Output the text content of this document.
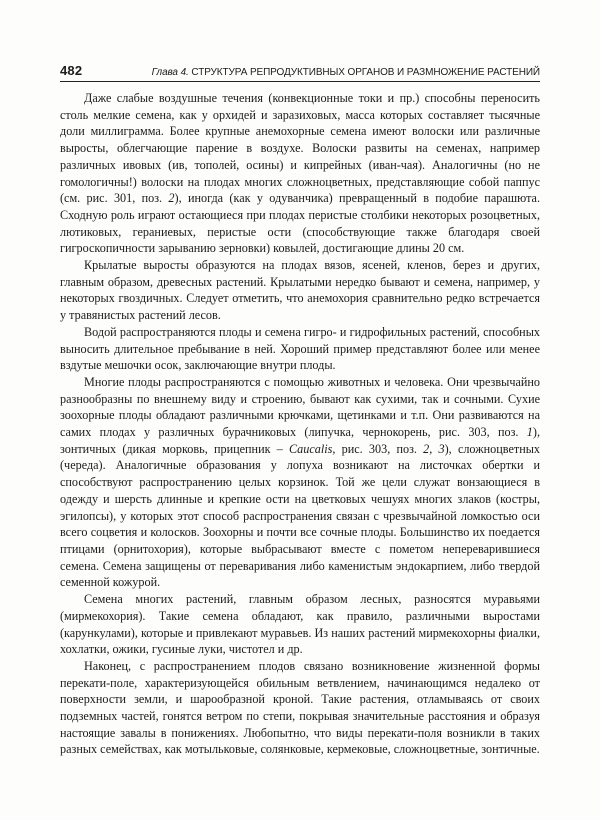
482	Глава 4. СТРУКТУРА РЕПРОДУКТИВНЫХ ОРГАНОВ И РАЗМНОЖЕНИЕ РАСТЕНИЙ

Даже слабые воздушные течения (конвекционные токи и пр.) способны переносить столь мелкие семена, как у орхидей и заразиховых, масса которых составляет тысячные доли миллиграмма. Более крупные анемохорные семена имеют волоски или различные выросты, облегчающие парение в воздухе. Волоски развиты на семенах, например различных ивовых (ив, тополей, осины) и кипрейных (иван-чая). Аналогичны (но не гомологичны!) волоски на плодах многих сложноцветных, представляющие собой паппус (см. рис. 301, поз. 2), иногда (как у одуванчика) превращенный в подобие парашюта. Сходную роль играют остающиеся при плодах перистые столбики некоторых розоцветных, лютиковых, гераниевых, перистые ости (способствующие также благодаря своей гигроскопичности зарыванию зерновки) ковылей, достигающие длины 20 см.

Крылатые выросты образуются на плодах вязов, ясеней, кленов, берез и других, главным образом, древесных растений. Крылатыми нередко бывают и семена, например, у некоторых гвоздичных. Следует отметить, что анемохория сравнительно редко встречается у травянистых растений лесов.

Водой распространяются плоды и семена гигро- и гидрофильных растений, способных выносить длительное пребывание в ней. Хороший пример представляют более или менее вздутые мешочки осок, заключающие внутри плоды.

Многие плоды распространяются с помощью животных и человека. Они чрезвычайно разнообразны по внешнему виду и строению, бывают как сухими, так и сочными. Сухие зоохорные плоды обладают различными крючками, щетинками и т.п. Они развиваются на самих плодах у различных бурачниковых (липучка, чернокорень, рис. 303, поз. 1), зонтичных (дикая морковь, прицепник – Caucalis, рис. 303, поз. 2, 3), сложноцветных (череда). Аналогичные образования у лопуха возникают на листочках обертки и способствуют распространению целых корзинок. Той же цели служат вонзающиеся в одежду и шерсть длинные и крепкие ости на цветковых чешуях многих злаков (костры, эгилопсы), у которых этот способ распространения связан с чрезвычайной ломкостью оси всего соцветия и колосков. Зоохорны и почти все сочные плоды. Большинство их поедается птицами (орнитохория), которые выбрасывают вместе с пометом непереварившиеся семена. Семена защищены от переваривания либо каменистым эндокарпием, либо твердой семенной кожурой.

Семена многих растений, главным образом лесных, разносятся муравьями (мирмекохория). Такие семена обладают, как правило, различными выростами (карункулами), которые и привлекают муравьев. Из наших растений мирмекохорны фиалки, хохлатки, ожики, гусиные луки, чистотел и др.

Наконец, с распространением плодов связано возникновение жизненной формы перекати-поле, характеризующейся обильным ветвлением, начинающимся недалеко от поверхности земли, и шарообразной кроной. Такие растения, отламываясь от своих подземных частей, гонятся ветром по степи, покрывая значительные расстояния и образуя настоящие завалы в понижениях. Любопытно, что виды перекати-поля возникли в таких разных семействах, как мотыльковые, солянковые, кермековые, сложноцветные, зонтичные.
